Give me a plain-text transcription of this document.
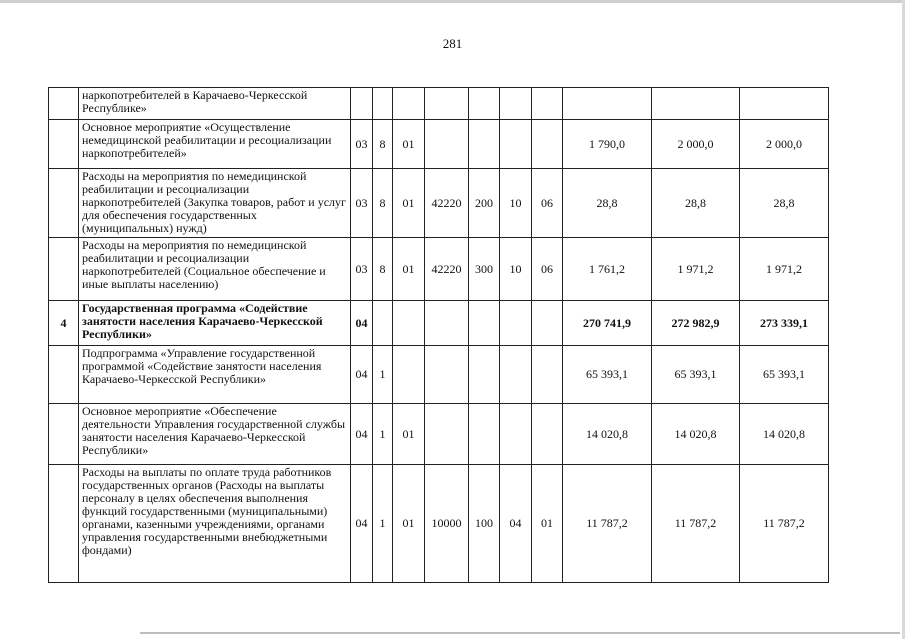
281
	наркопотребителей в Карачаево-Черкесской Республике»										
	Основное мероприятие «Осуществление немедицинской реабилитации и ресоциализации наркопотребителей»	03	8	01					1 790,0	2 000,0	2 000,0
	Расходы на мероприятия по немедицинской реабилитации и ресоциализации наркопотребителей (Закупка товаров, работ и услуг для обеспечения государственных (муниципальных) нужд)	03	8	01	42220	200	10	06	28,8	28,8	28,8
	Расходы на мероприятия по немедицинской реабилитации и ресоциализации наркопотребителей (Социальное обеспечение и иные выплаты населению)	03	8	01	42220	300	10	06	1 761,2	1 971,2	1 971,2
4	Государственная программа «Содействие занятости населения Карачаево-Черкесской Республики»	04							270 741,9	272 982,9	273 339,1
	Подпрограмма «Управление государственной программой «Содействие занятости населения Карачаево-Черкесской Республики»	04	1						65 393,1	65 393,1	65 393,1
	Основное мероприятие «Обеспечение деятельности Управления государственной службы занятости населения Карачаево-Черкесской Республики»	04	1	01					14 020,8	14 020,8	14 020,8
	Расходы на выплаты по оплате труда работников государственных органов (Расходы на выплаты персоналу в целях обеспечения выполнения функций государственными (муниципальными) органами, казенными учреждениями, органами управления государственными внебюджетными фондами)	04	1	01	10000	100	04	01	11 787,2	11 787,2	11 787,2
